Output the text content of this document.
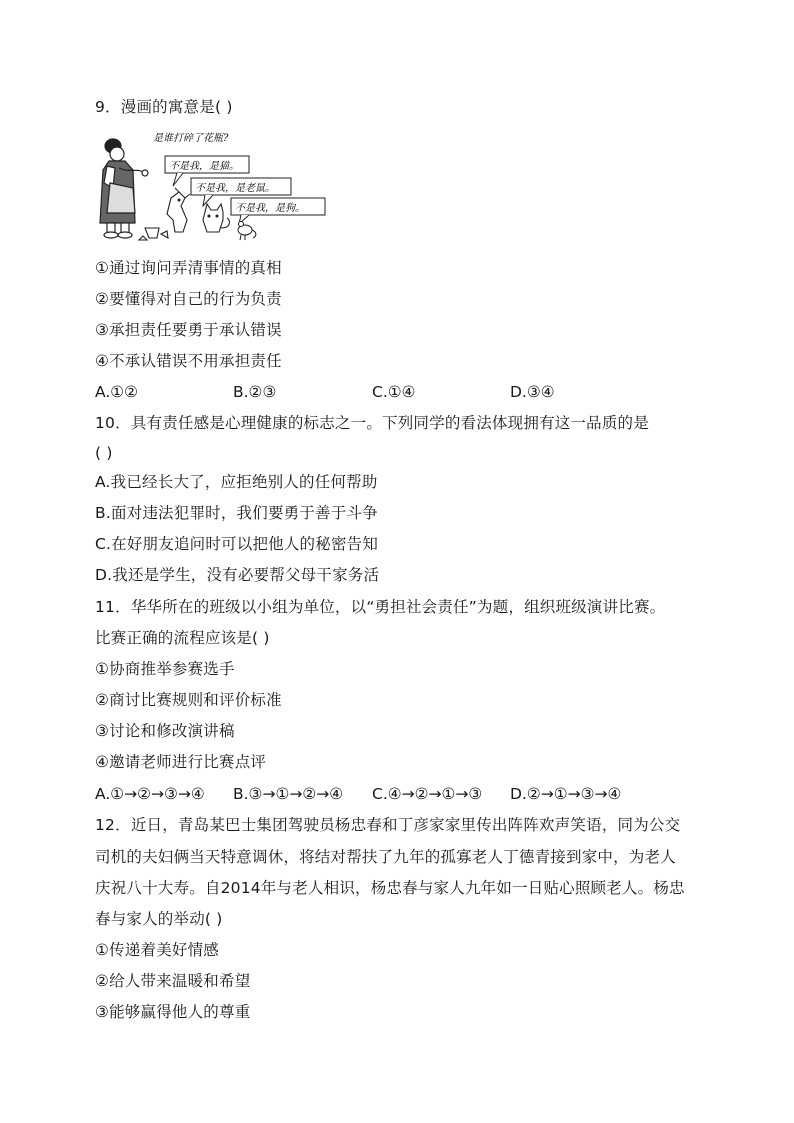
9．漫画的寓意是( )
是谁打碎了花瓶?
不是我，是猫。
不是我，是老鼠。
不是我，是狗。
①通过询问弄清事情的真相
②要懂得对自己的行为负责
③承担责任要勇于承认错误
④不承认错误不用承担责任
A.①②	B.②③	C.①④	D.③④
10．具有责任感是心理健康的标志之一。下列同学的看法体现拥有这一品质的是
( )
A.我已经长大了，应拒绝别人的任何帮助
B.面对违法犯罪时，我们要勇于善于斗争
C.在好朋友追问时可以把他人的秘密告知
D.我还是学生，没有必要帮父母干家务活
11．华华所在的班级以小组为单位，以“勇担社会责任”为题，组织班级演讲比赛。
比赛正确的流程应该是( )
①协商推举参赛选手
②商讨比赛规则和评价标准
③讨论和修改演讲稿
④邀请老师进行比赛点评
A.①→②→③→④ B.③→①→②→④ C.④→②→①→③ D.②→①→③→④
12．近日，青岛某巴士集团驾驶员杨忠春和丁彦家家里传出阵阵欢声笑语，同为公交
司机的夫妇俩当天特意调休，将结对帮扶了九年的孤寡老人丁德青接到家中，为老人
庆祝八十大寿。自2014年与老人相识，杨忠春与家人九年如一日贴心照顾老人。杨忠
春与家人的举动( )
①传递着美好情感
②给人带来温暖和希望
③能够赢得他人的尊重
